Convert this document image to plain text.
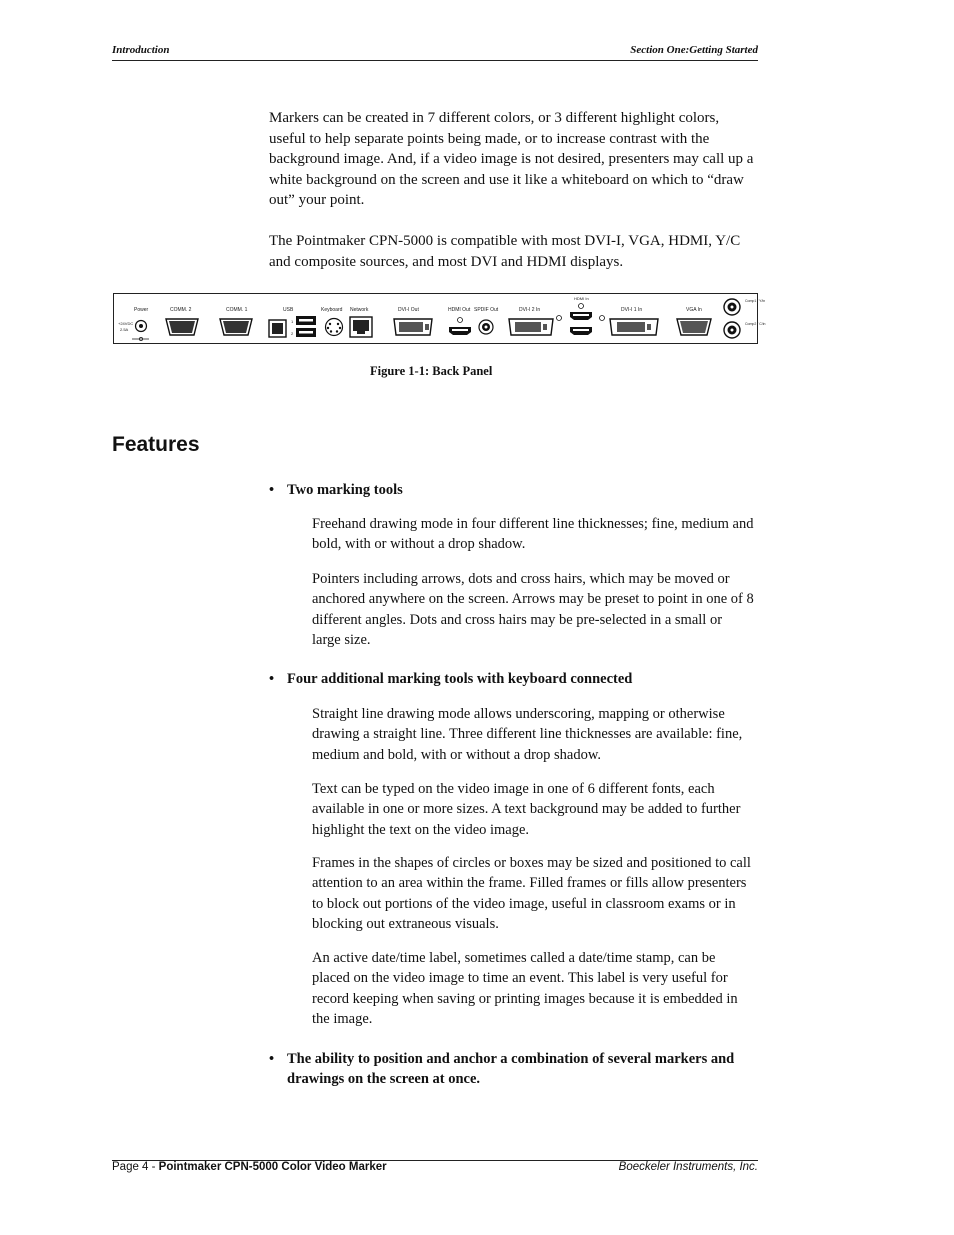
Introduction	Section One:Getting Started

Markers can be created in 7 different colors, or 3 different highlight colors, useful to help separate points being made, or to increase contrast with the background image. And, if a video image is not desired, presenters may call up a white background on the screen and use it like a whiteboard on which to “draw out” your point.

The Pointmaker CPN-5000 is compatible with most DVI-I, VGA, HDMI, Y/C and composite sources, and most DVI and HDMI displays.

Power
+24VDC
2.5A
COMM. 2	COMM. 1	USB
1
2
Keyboard Network	DVI-I Out	HDMI Out SPDIF Out	DVI-I 2 In
HDMI In
DVI-I 1 In	VGA In
Comp1 / Y/in
Comp2 / C/in
Figure 1-1: Back Panel
Features
• Two marking tools

Freehand drawing mode in four different line thicknesses; fine, medium and bold, with or without a drop shadow.

Pointers including arrows, dots and cross hairs, which may be moved or anchored anywhere on the screen. Arrows may be preset to point in one of 8 different angles. Dots and cross hairs may be pre-selected in a small or large size.

• Four additional marking tools with keyboard connected

Straight line drawing mode allows underscoring, mapping or otherwise drawing a straight line. Three different line thicknesses are available: fine, medium and bold, with or without a drop shadow.

Text can be typed on the video image in one of 6 different fonts, each available in one or more sizes. A text background may be added to further highlight the text on the video image.

Frames in the shapes of circles or boxes may be sized and positioned to call attention to an area within the frame. Filled frames or fills allow presenters to block out portions of the video image, useful in classroom exams or in blocking out extraneous visuals.

An active date/time label, sometimes called a date/time stamp, can be placed on the video image to time an event. This label is very useful for record keeping when saving or printing images because it is embedded in the image.

• The ability to position and anchor a combination of several markers and drawings on the screen at once.
Page 4 - Pointmaker CPN-5000 Color Video Marker	Boeckeler Instruments, Inc.
